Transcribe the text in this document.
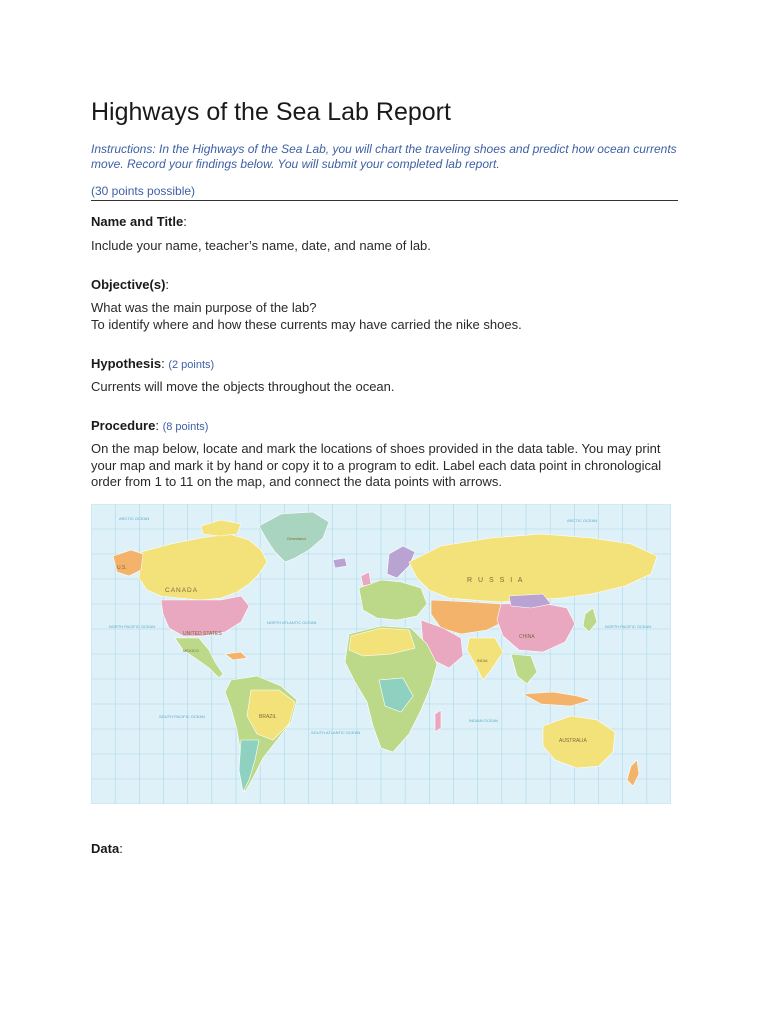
Highways of the Sea Lab Report

Instructions: In the Highways of the Sea Lab, you will chart the traveling shoes and predict how ocean currents move. Record your findings below. You will submit your completed lab report.

(30 points possible)

Name and Title:

Include your name, teacher’s name, date, and name of lab.

Objective(s):

What was the main purpose of the lab?

To identify where and how these currents may have carried the nike shoes.

Hypothesis: (2 points)

Currents will move the objects throughout the ocean.

Procedure: (8 points)

On the map below, locate and mark the locations of shoes provided in the data table. You may print your map and mark it by hand or copy it to a program to edit. Label each data point in chronological order from 1 to 11 on the map, and connect the data points with arrows.

CANADA
UNITED STATES
U.S.
Greenland
MEXICO
R U S S I A
CHINA
INDIA
BRAZIL
AUSTRALIA
ARCTIC OCEAN	ARCTIC OCEAN
NORTH PACIFIC OCEAN
NORTH ATLANTIC OCEAN
SOUTH PACIFIC OCEAN
SOUTH ATLANTIC OCEAN
INDIAN OCEAN
NORTH PACIFIC OCEAN

Data:
